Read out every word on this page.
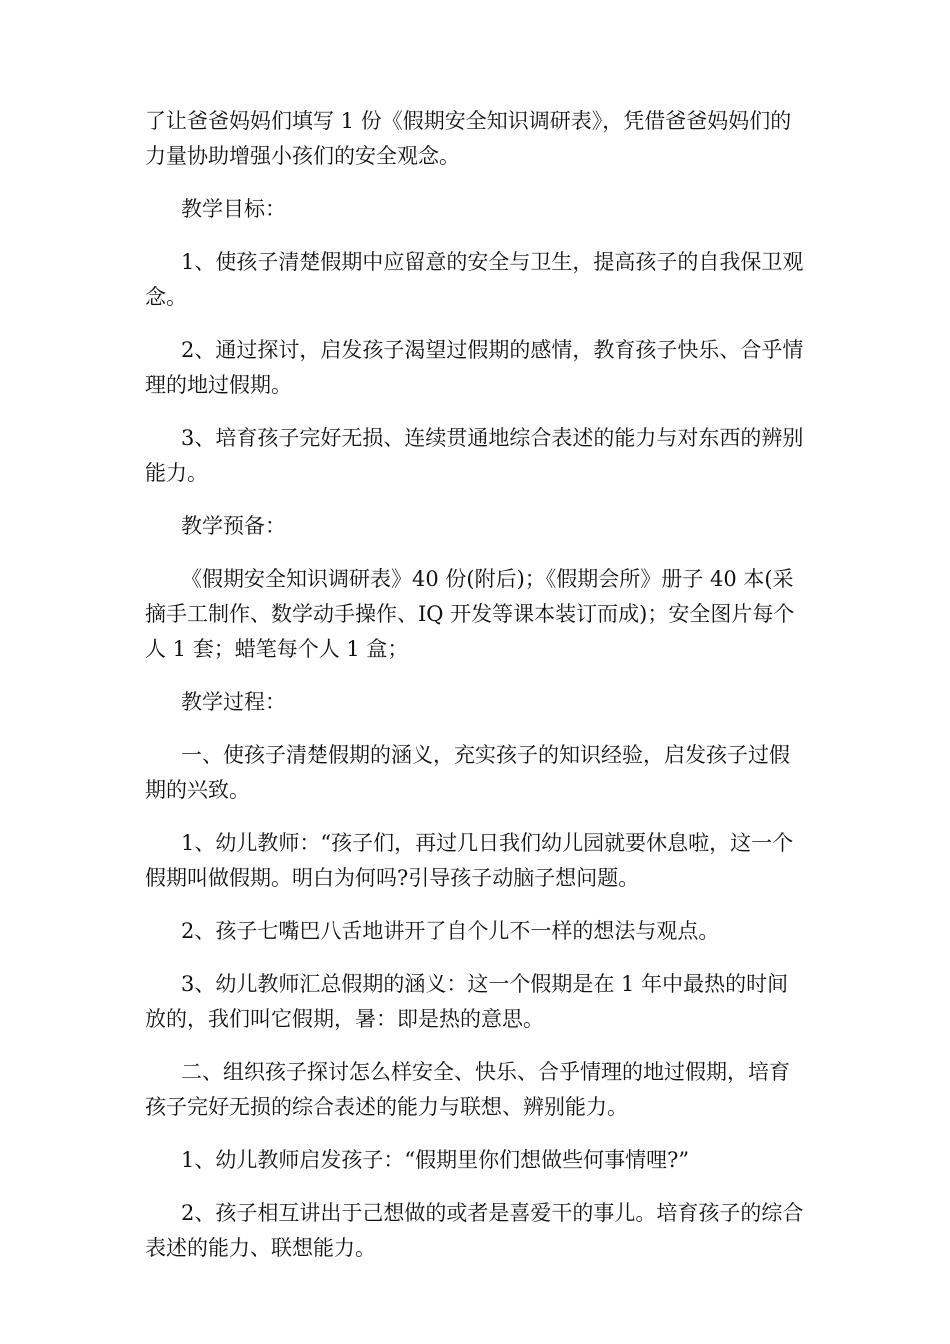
了让爸爸妈妈们填写 1 份《假期安全知识调研表》，凭借爸爸妈妈们的力量协助增强小孩们的安全观念。

教学目标：

1、使孩子清楚假期中应留意的安全与卫生，提高孩子的自我保卫观念。

2、通过探讨，启发孩子渴望过假期的感情，教育孩子快乐、合乎情理的地过假期。

3、培育孩子完好无损、连续贯通地综合表述的能力与对东西的辨别能力。

教学预备：

《假期安全知识调研表》40 份(附后)；《假期会所》册子 40 本(采摘手工制作、数学动手操作、IQ 开发等课本装订而成)；安全图片每个人 1 套；蜡笔每个人 1 盒；

教学过程：

一、使孩子清楚假期的涵义，充实孩子的知识经验，启发孩子过假期的兴致。

1、幼儿教师：“孩子们，再过几日我们幼儿园就要休息啦，这一个假期叫做假期。明白为何吗?引导孩子动脑子想问题。

2、孩子七嘴巴八舌地讲开了自个儿不一样的想法与观点。

3、幼儿教师汇总假期的涵义：这一个假期是在 1 年中最热的时间放的，我们叫它假期，暑：即是热的意思。

二、组织孩子探讨怎么样安全、快乐、合乎情理的地过假期，培育孩子完好无损的综合表述的能力与联想、辨别能力。

1、幼儿教师启发孩子：“假期里你们想做些何事情哩?”

2、孩子相互讲出于己想做的或者是喜爱干的事儿。培育孩子的综合表述的能力、联想能力。
